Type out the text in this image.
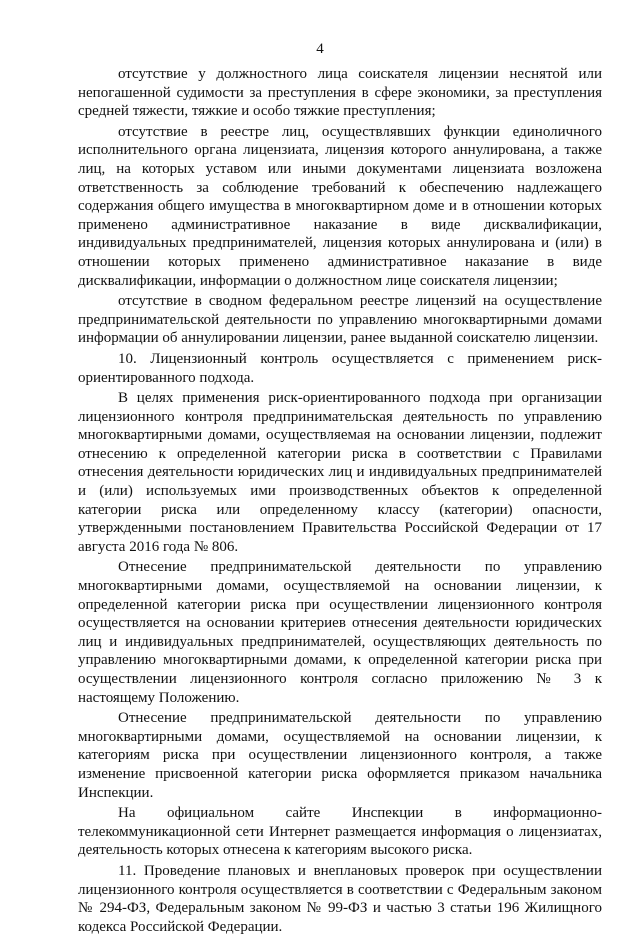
4

отсутствие у должностного лица соискателя лицензии неснятой или непогашенной судимости за преступления в сфере экономики, за преступления средней тяжести, тяжкие и особо тяжкие преступления;

отсутствие в реестре лиц, осуществлявших функции единоличного исполнительного органа лицензиата, лицензия которого аннулирована, а также лиц, на которых уставом или иными документами лицензиата возложена ответственность за соблюдение требований к обеспечению надлежащего содержания общего имущества в многоквартирном доме и в отношении которых применено административное наказание в виде дисквалификации, индивидуальных предпринимателей, лицензия которых аннулирована и (или) в отношении которых применено административное наказание в виде дисквалификации, информации о должностном лице соискателя лицензии;

отсутствие в сводном федеральном реестре лицензий на осуществление предпринимательской деятельности по управлению многоквартирными домами информации об аннулировании лицензии, ранее выданной соискателю лицензии.

10. Лицензионный контроль осуществляется с применением риск-ориентированного подхода.

В целях применения риск-ориентированного подхода при организации лицензионного контроля предпринимательская деятельность по управлению многоквартирными домами, осуществляемая на основании лицензии, подлежит отнесению к определенной категории риска в соответствии с Правилами отнесения деятельности юридических лиц и индивидуальных предпринимателей и (или) используемых ими производственных объектов к определенной категории риска или определенному классу (категории) опасности, утвержденными постановлением Правительства Российской Федерации от 17 августа 2016 года № 806.

Отнесение предпринимательской деятельности по управлению многоквартирными домами, осуществляемой на основании лицензии, к определенной категории риска при осуществлении лицензионного контроля осуществляется на основании критериев отнесения деятельности юридических лиц и индивидуальных предпринимателей, осуществляющих деятельность по управлению многоквартирными домами, к определенной категории риска при осуществлении лицензионного контроля согласно приложению № 3 к настоящему Положению.

Отнесение предпринимательской деятельности по управлению многоквартирными домами, осуществляемой на основании лицензии, к категориям риска при осуществлении лицензионного контроля, а также изменение присвоенной категории риска оформляется приказом начальника Инспекции.

На официальном сайте Инспекции в информационно-телекоммуникационной сети Интернет размещается информация о лицензиатах, деятельность которых отнесена к категориям высокого риска.

11. Проведение плановых и внеплановых проверок при осуществлении лицензионного контроля осуществляется в соответствии с Федеральным законом № 294-ФЗ, Федеральным законом № 99-ФЗ и частью 3 статьи 196 Жилищного кодекса Российской Федерации.
